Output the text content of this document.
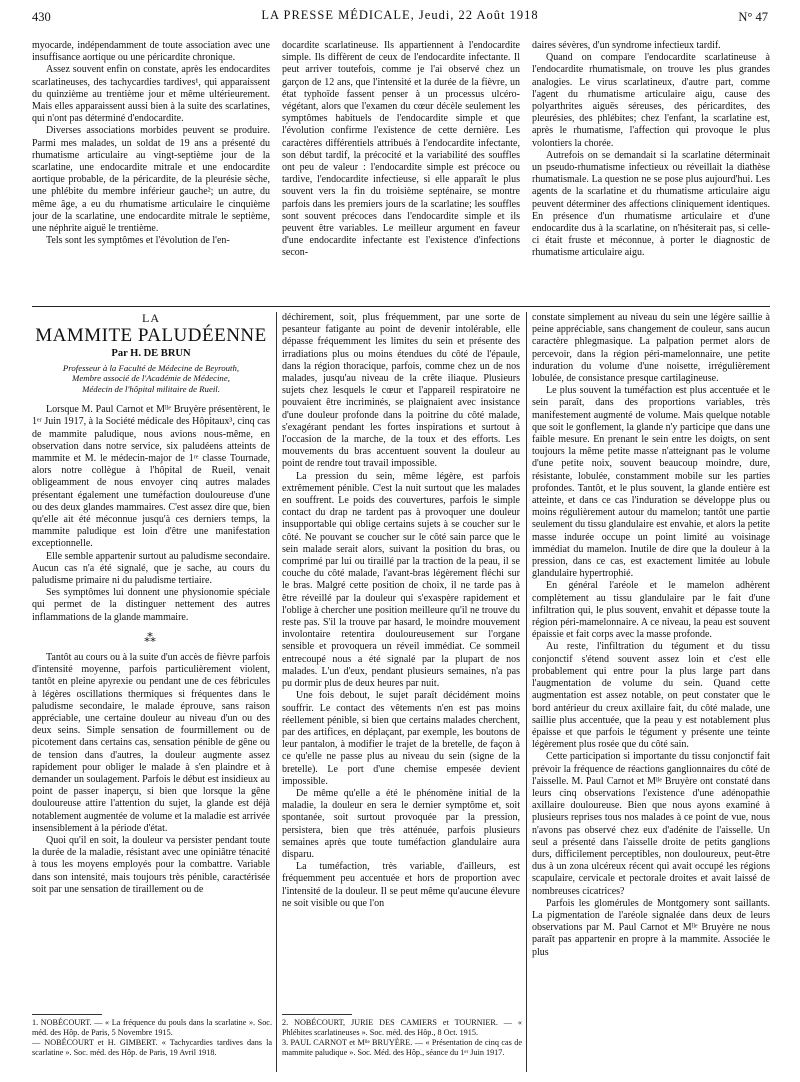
430	LA PRESSE MÉDICALE, Jeudi, 22 Août 1918	N° 47

myocarde, indépendamment de toute association avec une insuffisance aortique ou une péricardite chronique.

Assez souvent enfin on constate, après les endocardites scarlatineuses, des tachycardies tardives¹, qui apparaissent du quinzième au trentième jour et même ultérieurement. Mais elles apparaissent aussi bien à la suite des scarlatines, qui n'ont pas déterminé d'endocardite.

Diverses associations morbides peuvent se produire. Parmi mes malades, un soldat de 19 ans a présenté du rhumatisme articulaire au vingt-septième jour de la scarlatine, une endocardite mitrale et une endocardite aortique probable, de la péricardite, de la pleurésie sèche, une phlébite du membre inférieur gauche²; un autre, du même âge, a eu du rhumatisme articulaire le cinquième jour de la scarlatine, une endocardite mitrale le septième, une néphrite aiguë le trentième.

Tels sont les symptômes et l'évolution de l'en-

docardite scarlatineuse. Ils appartiennent à l'endocardite simple. Ils diffèrent de ceux de l'endocardite infectante. Il peut arriver toutefois, comme je l'ai observé chez un garçon de 12 ans, que l'intensité et la durée de la fièvre, un état typhoïde fassent penser à un processus ulcéro-végétant, alors que l'examen du cœur décèle seulement les symptômes habituels de l'endocardite simple et que l'évolution confirme l'existence de cette dernière. Les caractères différentiels attribués à l'endocardite infectante, son début tardif, la précocité et la variabilité des souffles ont peu de valeur : l'endocardite simple est précoce ou tardive, l'endocardite infectieuse, si elle apparaît le plus souvent vers la fin du troisième septénaire, se montre parfois dans les premiers jours de la scarlatine; les souffles sont souvent précoces dans l'endocardite simple et ils peuvent être variables. Le meilleur argument en faveur d'une endocardite infectante est l'existence d'infections secon-

daires sévères, d'un syndrome infectieux tardif.

Quand on compare l'endocardite scarlatineuse à l'endocardite rhumatismale, on trouve les plus grandes analogies. Le virus scarlatineux, d'autre part, comme l'agent du rhumatisme articulaire aigu, cause des polyarthrites aiguës séreuses, des péricardites, des pleurésies, des phlébites; chez l'enfant, la scarlatine est, après le rhumatisme, l'affection qui provoque le plus volontiers la chorée.

Autrefois on se demandait si la scarlatine déterminait un pseudo-rhumatisme infectieux ou réveillait la diathèse rhumatismale. La question ne se pose plus aujourd'hui. Les agents de la scarlatine et du rhumatisme articulaire aigu peuvent déterminer des affections cliniquement identiques. En présence d'un rhumatisme articulaire et d'une endocardite dus à la scarlatine, on n'hésiterait pas, si celle-ci était fruste et méconnue, à porter le diagnostic de rhumatisme articulaire aigu.

LA
MAMMITE PALUDÉENNE
Par H. DE BRUN
Professeur à la Faculté de Médecine de Beyrouth,
Membre associé de l'Académie de Médecine,
Médecin de l'hôpital militaire de Rueil.

Lorsque M. Paul Carnot et Mˡˡᵉ Bruyère présentèrent, le 1ᵉʳ Juin 1917, à la Société médicale des Hôpitaux³, cinq cas de mammite paludique, nous avions nous-même, en observation dans notre service, six paludéens atteints de mammite et M. le médecin-major de 1ʳᵉ classe Tournade, alors notre collègue à l'hôpital de Rueil, venait obligeamment de nous envoyer cinq autres malades présentant également une tuméfaction douloureuse d'une ou des deux glandes mammaires. C'est assez dire que, bien qu'elle ait été méconnue jusqu'à ces derniers temps, la mammite paludique est loin d'être une manifestation exceptionnelle.

Elle semble appartenir surtout au paludisme secondaire. Aucun cas n'a été signalé, que je sache, au cours du paludisme primaire ni du paludisme tertiaire.

Ses symptômes lui donnent une physionomie spéciale qui permet de la distinguer nettement des autres inflammations de la glande mammaire.

⁂

Tantôt au cours ou à la suite d'un accès de fièvre parfois d'intensité moyenne, parfois particulièrement violent, tantôt en pleine apyrexie ou pendant une de ces fébricules à légères oscillations thermiques si fréquentes dans le paludisme secondaire, le malade éprouve, sans raison appréciable, une certaine douleur au niveau d'un ou des deux seins. Simple sensation de fourmillement ou de picotement dans certains cas, sensation pénible de gêne ou de tension dans d'autres, la douleur augmente assez rapidement pour obliger le malade à s'en plaindre et à demander un soulagement. Parfois le début est insidieux au point de passer inaperçu, si bien que lorsque la gêne douloureuse attire l'attention du sujet, la glande est déjà notablement augmentée de volume et la maladie est arrivée insensiblement à la période d'état.

Quoi qu'il en soit, la douleur va persister pendant toute la durée de la maladie, résistant avec une opiniâtre ténacité à tous les moyens employés pour la combattre. Variable dans son intensité, mais toujours très pénible, caractérisée soit par une sensation de tiraillement ou de

déchirement, soit, plus fréquemment, par une sorte de pesanteur fatigante au point de devenir intolérable, elle dépasse fréquemment les limites du sein et présente des irradiations plus ou moins étendues du côté de l'épaule, dans la région thoracique, parfois, comme chez un de nos malades, jusqu'au niveau de la crête iliaque. Plusieurs sujets chez lesquels le cœur et l'appareil respiratoire ne pouvaient être incriminés, se plaignaient avec insistance d'une douleur profonde dans la poitrine du côté malade, s'exagérant pendant les fortes inspirations et surtout à l'occasion de la marche, de la toux et des efforts. Les mouvements du bras accentuent souvent la douleur au point de rendre tout travail impossible.

La pression du sein, même légère, est parfois extrêmement pénible. C'est la nuit surtout que les malades en souffrent. Le poids des couvertures, parfois le simple contact du drap ne tardent pas à provoquer une douleur insupportable qui oblige certains sujets à se coucher sur le côté. Ne pouvant se coucher sur le côté sain parce que le sein malade serait alors, suivant la position du bras, ou comprimé par lui ou tiraillé par la traction de la peau, il se couche du côté malade, l'avant-bras légèrement fléchi sur le bras. Malgré cette position de choix, il ne tarde pas à être réveillé par la douleur qui s'exaspère rapidement et l'oblige à chercher une position meilleure qu'il ne trouve du reste pas. S'il la trouve par hasard, le moindre mouvement involontaire retentira douloureusement sur l'organe sensible et provoquera un réveil immédiat. Ce sommeil entrecoupé nous a été signalé par la plupart de nos malades. L'un d'eux, pendant plusieurs semaines, n'a pas pu dormir plus de deux heures par nuit.

Une fois debout, le sujet paraît décidément moins souffrir. Le contact des vêtements n'en est pas moins réellement pénible, si bien que certains malades cherchent, par des artifices, en déplaçant, par exemple, les boutons de leur pantalon, à modifier le trajet de la bretelle, de façon à ce qu'elle ne passe plus au niveau du sein (signe de la bretelle). Le port d'une chemise empesée devient impossible.

De même qu'elle a été le phénomène initial de la maladie, la douleur en sera le dernier symptôme et, soit spontanée, soit surtout provoquée par la pression, persistera, bien que très atténuée, parfois plusieurs semaines après que toute tuméfaction glandulaire aura disparu.

La tuméfaction, très variable, d'ailleurs, est fréquemment peu accentuée et hors de proportion avec l'intensité de la douleur. Il se peut même qu'aucune élevure ne soit visible ou que l'on

constate simplement au niveau du sein une légère saillie à peine appréciable, sans changement de couleur, sans aucun caractère phlegmasique. La palpation permet alors de percevoir, dans la région péri-mamelonnaire, une petite induration du volume d'une noisette, irrégulièrement lobulée, de consistance presque cartilagineuse.

Le plus souvent la tuméfaction est plus accentuée et le sein paraît, dans des proportions variables, très manifestement augmenté de volume. Mais quelque notable que soit le gonflement, la glande n'y participe que dans une faible mesure. En prenant le sein entre les doigts, on sent toujours la même petite masse n'atteignant pas le volume d'une petite noix, souvent beaucoup moindre, dure, résistante, lobulée, constamment mobile sur les parties profondes. Tantôt, et le plus souvent, la glande entière est atteinte, et dans ce cas l'induration se développe plus ou moins régulièrement autour du mamelon; tantôt une partie seulement du tissu glandulaire est envahie, et alors la petite masse indurée occupe un point limité au voisinage immédiat du mamelon. Inutile de dire que la douleur à la pression, dans ce cas, est exactement limitée au lobule glandulaire hypertrophié.

En général l'aréole et le mamelon adhèrent complètement au tissu glandulaire par le fait d'une infiltration qui, le plus souvent, envahit et dépasse toute la région péri-mamelonnaire. A ce niveau, la peau est souvent épaissie et fait corps avec la masse profonde.

Au reste, l'infiltration du tégument et du tissu conjonctif s'étend souvent assez loin et c'est elle probablement qui entre pour la plus large part dans l'augmentation de volume du sein. Quand cette augmentation est assez notable, on peut constater que le bord antérieur du creux axillaire fait, du côté malade, une saillie plus accentuée, que la peau y est notablement plus épaisse et que parfois le tégument y présente une teinte légèrement plus rosée que du côté sain.

Cette participation si importante du tissu conjonctif fait prévoir la fréquence de réactions ganglionnaires du côté de l'aisselle. M. Paul Carnot et Mˡˡᵉ Bruyère ont constaté dans leurs cinq observations l'existence d'une adénopathie axillaire douloureuse. Bien que nous ayons examiné à plusieurs reprises tous nos malades à ce point de vue, nous n'avons pas observé chez eux d'adénite de l'aisselle. Un seul a présenté dans l'aisselle droite de petits ganglions durs, difficilement perceptibles, non douloureux, peut-être dus à un zona ulcéreux récent qui avait occupé les régions scapulaire, cervicale et pectorale droites et avait laissé de nombreuses cicatrices?

Parfois les glomérules de Montgomery sont saillants. La pigmentation de l'aréole signalée dans deux de leurs observations par M. Paul Carnot et Mˡˡᵉ Bruyère ne nous paraît pas appartenir en propre à la mammite. Associée le plus

1. NOBÉCOURT. — « La fréquence du pouls dans la scarlatine ». Soc. méd. des Hôp. de Paris, 5 Novembre 1915.
— NOBÉCOURT et H. GIMBERT. « Tachycardies tardives dans la scarlatine ». Soc. méd. des Hôp. de Paris, 19 Avril 1918.
2. NOBÉCOURT, JURIE DES CAMIERS et TOURNIER. — « Phlébites scarlatineuses ». Soc. méd. des Hôp., 8 Oct. 1915.
3. PAUL CARNOT et Mˡˡᵉ BRUYÈRE. — « Présentation de cinq cas de mammite paludique ». Soc. Méd. des Hôp., séance du 1ᵉʳ Juin 1917.
